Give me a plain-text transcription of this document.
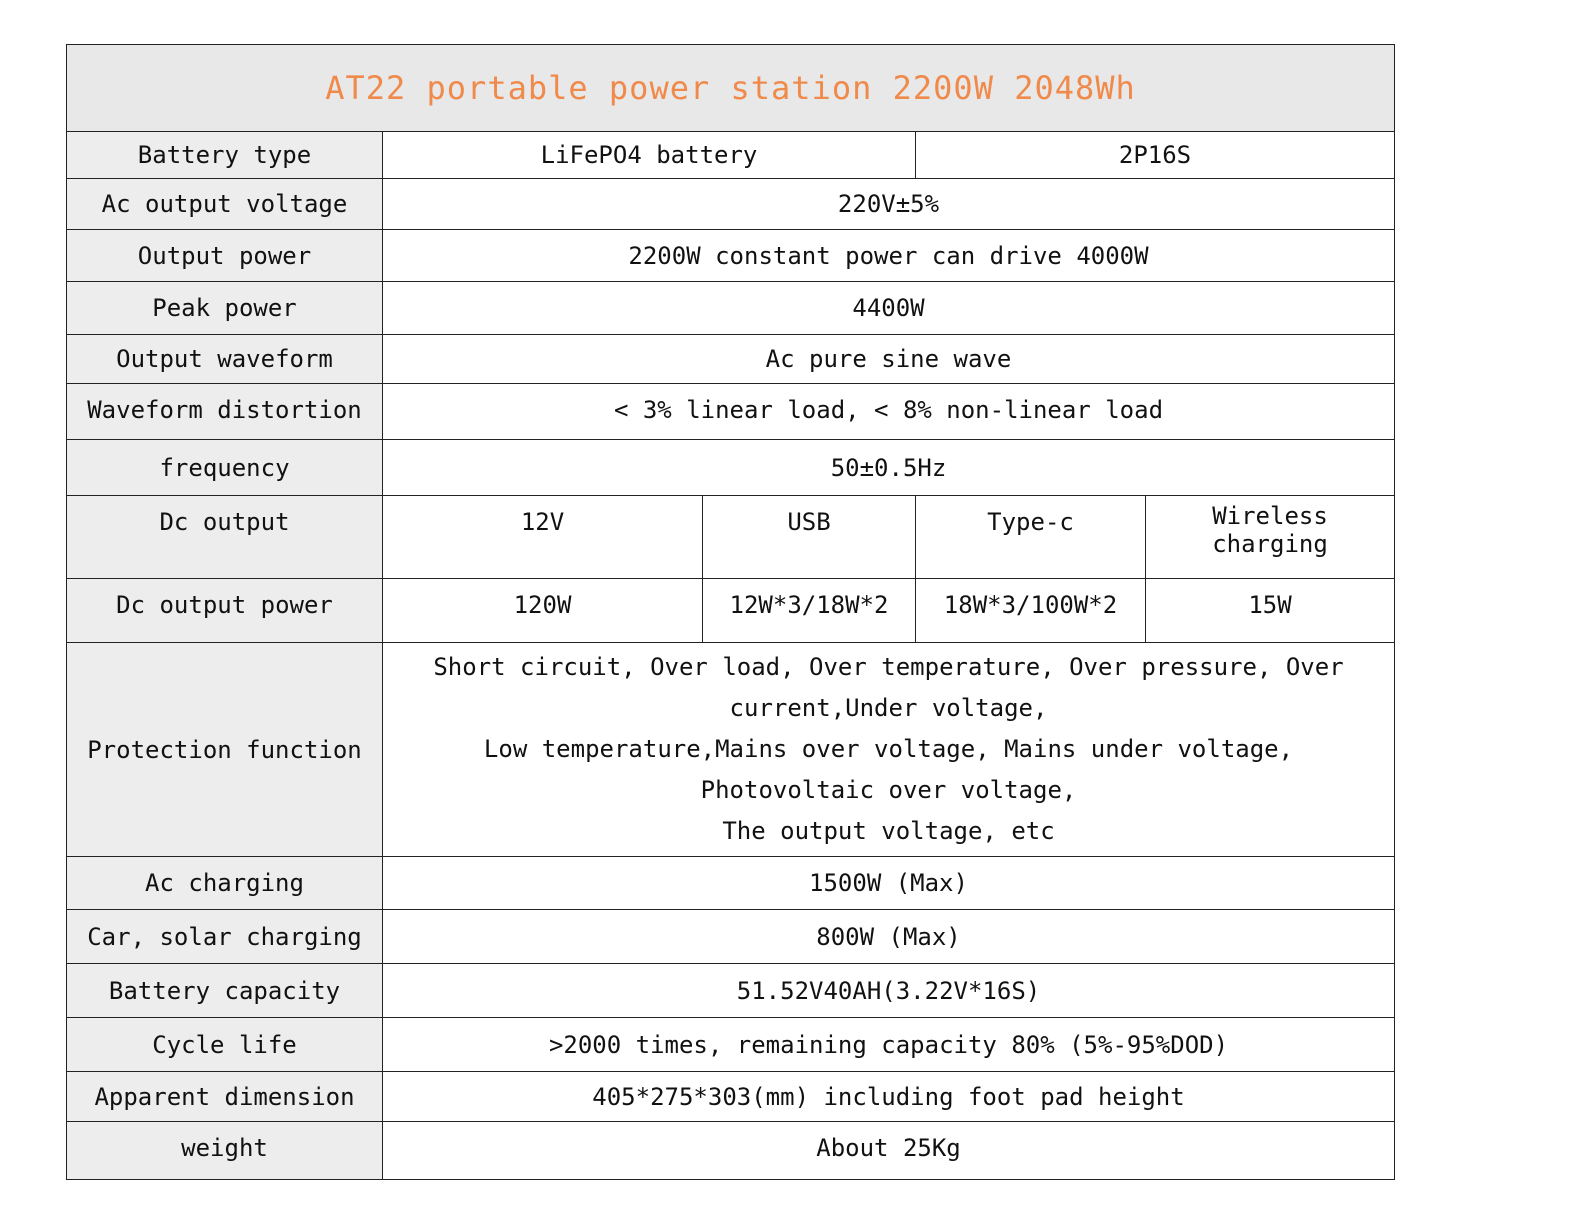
AT22 portable power station 2200W 2048Wh				
Battery type	LiFePO4 battery		2P16S	
Ac output voltage	220V±5%			
Output power	2200W constant power can drive 4000W			
Peak power	4400W			
Output waveform	Ac pure sine wave			
Waveform distortion	< 3% linear load, < 8% non-linear load			
frequency	50±0.5Hz			
Dc output	12V	USB	Type-c	Wireless charging
Dc output power	120W	12W*3/18W*2	18W*3/100W*2	15W
Protection function	Short circuit, Over load, Over temperature, Over pressure, Over current,Under voltage,
Low temperature,Mains over voltage, Mains under voltage, Photovoltaic over voltage,
The output voltage, etc			

Ac charging	1500W (Max)			
Car, solar charging	800W (Max)			
Battery capacity	51.52V40AH(3.22V*16S)			
Cycle life	>2000 times, remaining capacity 80% (5%-95%DOD)			
Apparent dimension	405*275*303(mm) including foot pad height			
weight	About 25Kg			
